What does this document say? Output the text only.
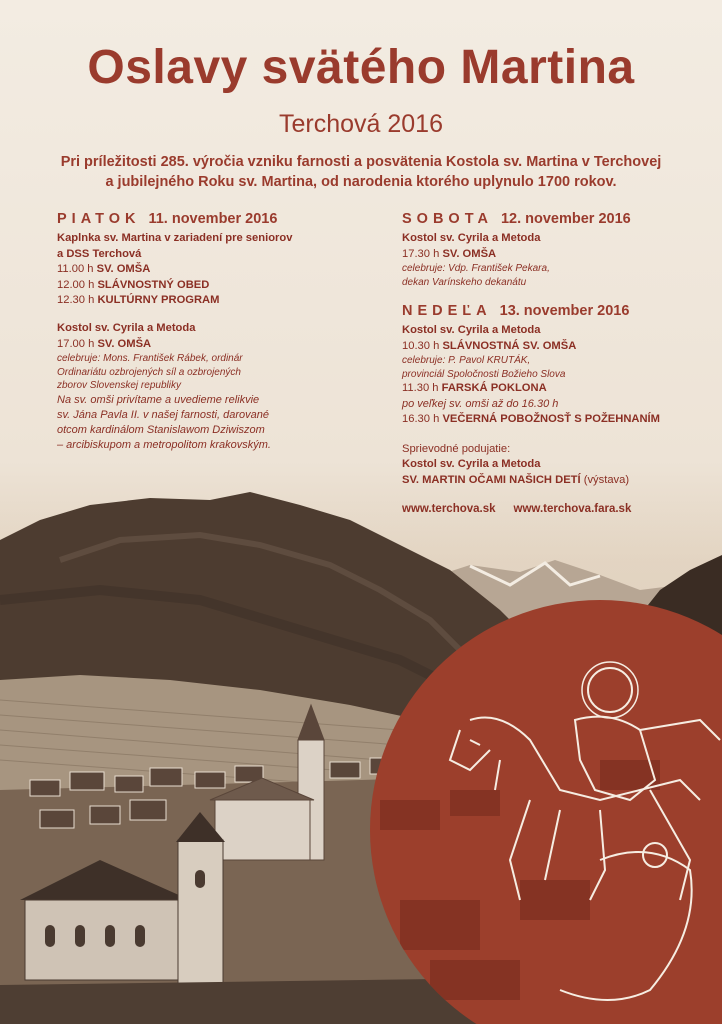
Oslavy svätého Martina
Terchová 2016
Pri príležitosti 285. výročia vzniku farnosti a posvätenia Kostola sv. Martina v Terchovej
a jubilejného Roku sv. Martina, od narodenia ktorého uplynulo 1700 rokov.
PIATOK 11. november 2016
Kaplnka sv. Martina v zariadení pre seniorov
a DSS Terchová
11.00 h SV. OMŠA
12.00 h SLÁVNOSTNÝ OBED
12.30 h KULTÚRNY PROGRAM
Kostol sv. Cyrila a Metoda
17.00 h SV. OMŠA
celebruje: Mons. František Rábek, ordinár
Ordinariátu ozbrojených síl a ozbrojených
zborov Slovenskej republiky
Na sv. omši privítame a uvedieme relikvie
sv. Jána Pavla II. v našej farnosti, darované
otcom kardinálom Stanislawom Dziwiszom
– arcibiskupom a metropolitom krakovským.
SOBOTA 12. november 2016
Kostol sv. Cyrila a Metoda
17.30 h SV. OMŠA
celebruje: Vdp. František Pekara,
dekan Varínskeho dekanátu
NEDEĽA 13. november 2016
Kostol sv. Cyrila a Metoda
10.30 h SLÁVNOSTNÁ SV. OMŠA
celebruje: P. Pavol KRUTÁK,
provinciál Spoločnosti Božieho Slova
11.30 h FARSKÁ POKLONA
po veľkej sv. omši až do 16.30 h
16.30 h VEČERNÁ POBOŽNOSŤ S POŽEHNANÍM
Sprievodné podujatie:
Kostol sv. Cyrila a Metoda
SV. MARTIN OČAMI NAŠICH DETÍ (výstava)
www.terchova.sk www.terchova.fara.sk
